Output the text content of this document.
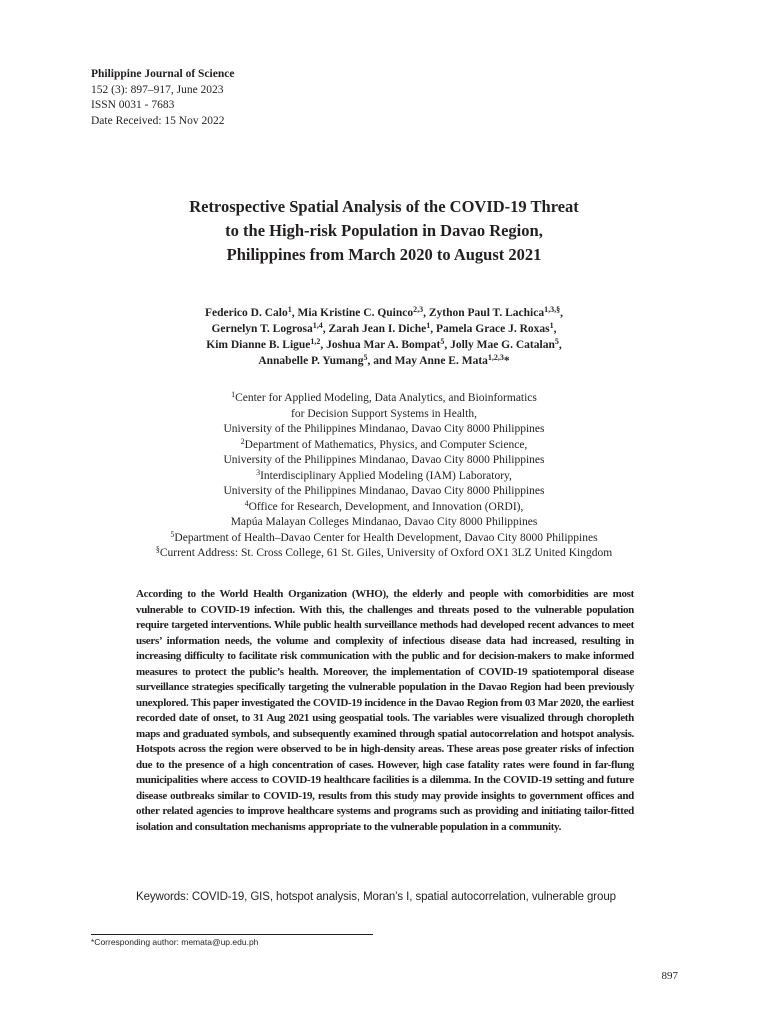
Philippine Journal of Science
152 (3): 897–917, June 2023
ISSN 0031 - 7683
Date Received: 15 Nov 2022
Retrospective Spatial Analysis of the COVID-19 Threat
to the High-risk Population in Davao Region,
Philippines from March 2020 to August 2021
Federico D. Calo$^1$, Mia Kristine C. Quinco$^{2,3}$, Zython Paul T. Lachica$^{1,3,\S}$,
Gernelyn T. Logrosa$^{1,4}$, Zarah Jean I. Diche$^1$, Pamela Grace J. Roxas$^1$,
Kim Dianne B. Ligue$^{1,2}$, Joshua Mar A. Bompat$^5$, Jolly Mae G. Catalan$^5$,
Annabelle P. Yumang$^5$, and May Anne E. Mata$^{1,2,3}$*
$^1$Center for Applied Modeling, Data Analytics, and Bioinformatics
for Decision Support Systems in Health,
University of the Philippines Mindanao, Davao City 8000 Philippines
$^2$Department of Mathematics, Physics, and Computer Science,
University of the Philippines Mindanao, Davao City 8000 Philippines
$^3$Interdisciplinary Applied Modeling (IAM) Laboratory,
University of the Philippines Mindanao, Davao City 8000 Philippines
$^4$Office for Research, Development, and Innovation (ORDI),
Mapúa Malayan Colleges Mindanao, Davao City 8000 Philippines
$^5$Department of Health–Davao Center for Health Development, Davao City 8000 Philippines
§Current Address: St. Cross College, 61 St. Giles, University of Oxford OX1 3LZ United Kingdom

According to the World Health Organization (WHO), the elderly and people with comorbidities are most vulnerable to COVID-19 infection. With this, the challenges and threats posed to the vulnerable population require targeted interventions. While public health surveillance methods had developed recent advances to meet users’ information needs, the volume and complexity of infectious disease data had increased, resulting in increasing difficulty to facilitate risk communication with the public and for decision-makers to make informed measures to protect the public’s health. Moreover, the implementation of COVID-19 spatiotemporal disease surveillance strategies specifically targeting the vulnerable population in the Davao Region had been previously unexplored. This paper investigated the COVID-19 incidence in the Davao Region from 03 Mar 2020, the earliest recorded date of onset, to 31 Aug 2021 using geospatial tools. The variables were visualized through choropleth maps and graduated symbols, and subsequently examined through spatial autocorrelation and hotspot analysis. Hotspots across the region were observed to be in high-density areas. These areas pose greater risks of infection due to the presence of a high concentration of cases. However, high case fatality rates were found in far-flung municipalities where access to COVID-19 healthcare facilities is a dilemma. In the COVID-19 setting and future disease outbreaks similar to COVID-19, results from this study may provide insights to government offices and other related agencies to improve healthcare systems and programs such as providing and initiating tailor-fitted isolation and consultation mechanisms appropriate to the vulnerable population in a community.

Keywords: COVID-19, GIS, hotspot analysis, Moran’s I, spatial autocorrelation, vulnerable group
*Corresponding author: memata@up.edu.ph
897
